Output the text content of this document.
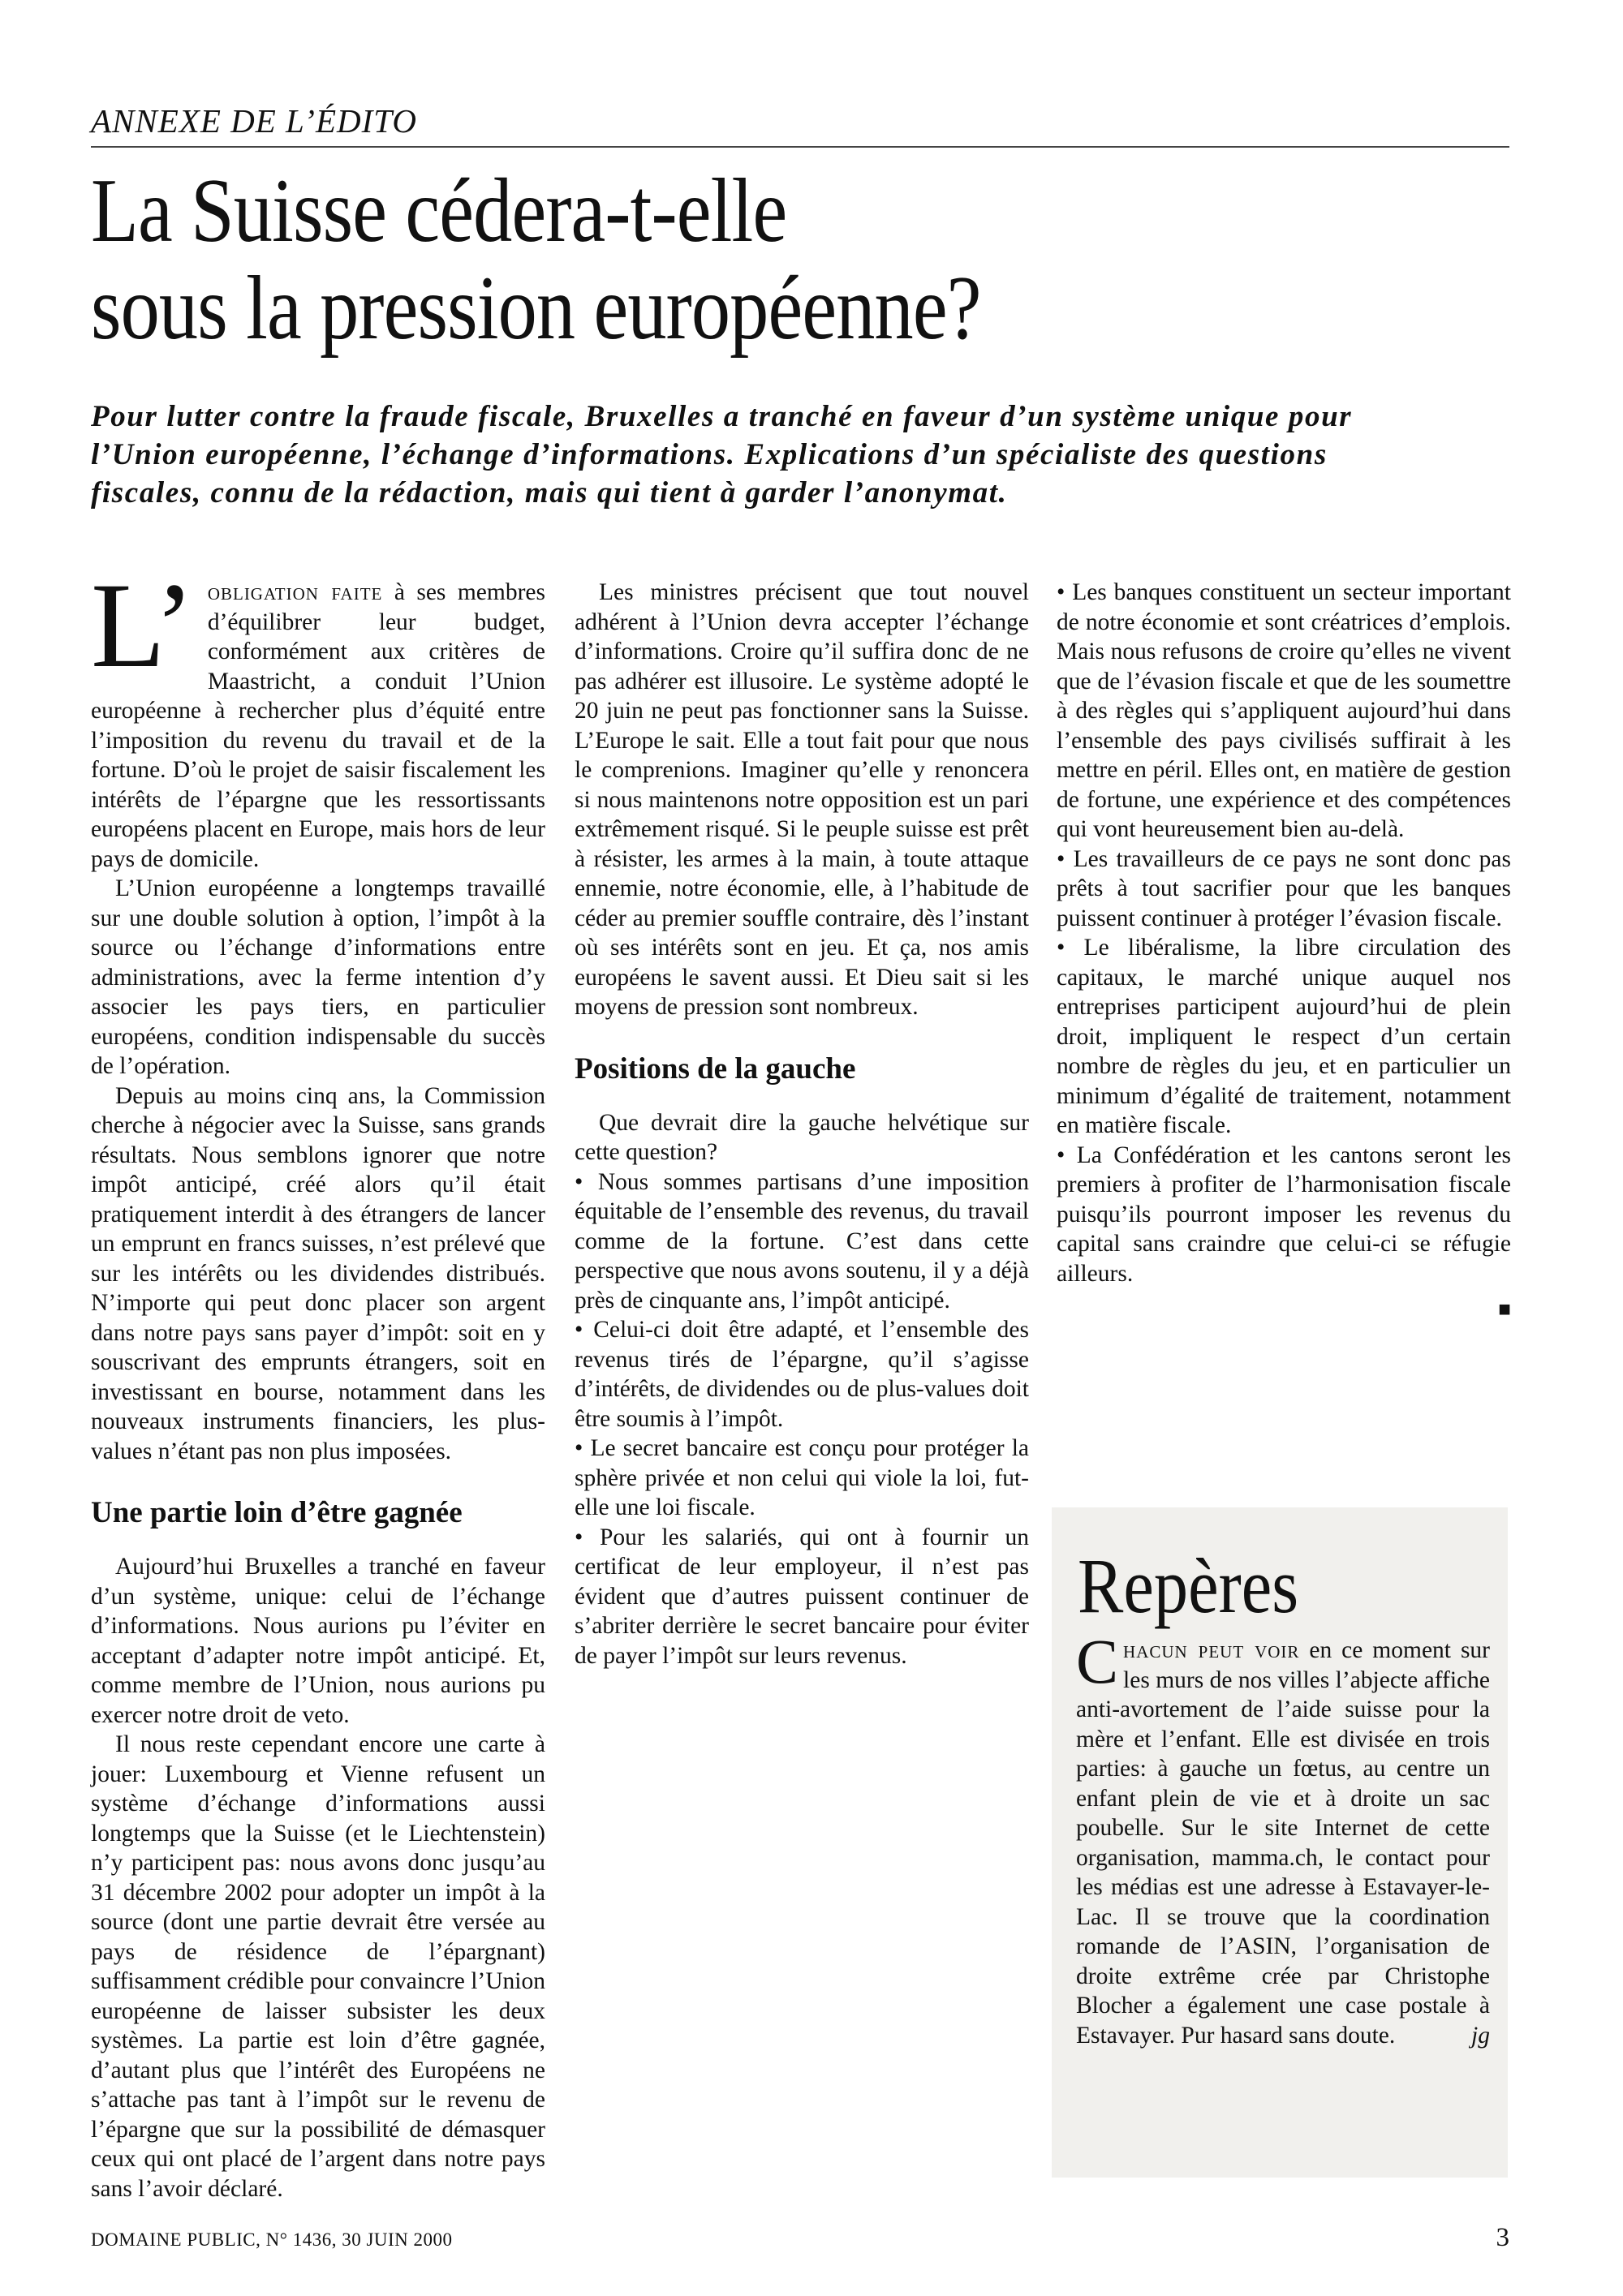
ANNEXE DE L’ÉDITO
La Suisse cédera-t-elle
sous la pression européenne?
Pour lutter contre la fraude fiscale, Bruxelles a tranché en faveur d’un système unique pour l’Union européenne, l’échange d’informations. Explications d’un spécialiste des questions fiscales, connu de la rédaction, mais qui tient à garder l’anonymat.

L’ obligation faite à ses membres d’équilibrer leur budget, conformément aux critères de Maastricht, a conduit l’Union européenne à rechercher plus d’équité entre l’imposition du revenu du travail et de la fortune. D’où le projet de saisir fiscalement les intérêts de l’épargne que les ressortissants européens placent en Europe, mais hors de leur pays de domicile.

L’Union européenne a longtemps travaillé sur une double solution à option, l’impôt à la source ou l’échange d’informations entre administrations, avec la ferme intention d’y associer les pays tiers, en particulier européens, condition indispensable du succès de l’opération.

Depuis au moins cinq ans, la Commission cherche à négocier avec la Suisse, sans grands résultats. Nous semblons ignorer que notre impôt anticipé, créé alors qu’il était pratiquement interdit à des étrangers de lancer un emprunt en francs suisses, n’est prélevé que sur les intérêts ou les dividendes distribués. N’importe qui peut donc placer son argent dans notre pays sans payer d’impôt: soit en y souscrivant des emprunts étrangers, soit en investissant en bourse, notamment dans les nouveaux instruments financiers, les plus-values n’étant pas non plus imposées.

Une partie loin d’être gagnée

Aujourd’hui Bruxelles a tranché en faveur d’un système, unique: celui de l’échange d’informations. Nous aurions pu l’éviter en acceptant d’adapter notre impôt anticipé. Et, comme membre de l’Union, nous aurions pu exercer notre droit de veto.

Il nous reste cependant encore une carte à jouer: Luxembourg et Vienne refusent un système d’échange d’informations aussi longtemps que la Suisse (et le Liechtenstein) n’y participent pas: nous avons donc jusqu’au 31 décembre 2002 pour adopter un impôt à la source (dont une partie devrait être versée au pays de résidence de l’épargnant) suffisamment crédible pour convaincre l’Union européenne de laisser subsister les deux systèmes. La partie est loin d’être gagnée, d’autant plus que l’intérêt des Européens ne s’attache pas tant à l’impôt sur le revenu de l’épargne que sur la possibilité de démasquer ceux qui ont placé de l’argent dans notre pays sans l’avoir déclaré.

Les ministres précisent que tout nouvel adhérent à l’Union devra accepter l’échange d’informations. Croire qu’il suffira donc de ne pas adhérer est illusoire. Le système adopté le 20 juin ne peut pas fonctionner sans la Suisse. L’Europe le sait. Elle a tout fait pour que nous le comprenions. Imaginer qu’elle y renoncera si nous maintenons notre opposition est un pari extrêmement risqué. Si le peuple suisse est prêt à résister, les armes à la main, à toute attaque ennemie, notre économie, elle, à l’habitude de céder au premier souffle contraire, dès l’instant où ses intérêts sont en jeu. Et ça, nos amis européens le savent aussi. Et Dieu sait si les moyens de pression sont nombreux.

Positions de la gauche

Que devrait dire la gauche helvétique sur cette question?

• Nous sommes partisans d’une imposition équitable de l’ensemble des revenus, du travail comme de la fortune. C’est dans cette perspective que nous avons soutenu, il y a déjà près de cinquante ans, l’impôt anticipé.

• Celui-ci doit être adapté, et l’ensemble des revenus tirés de l’épargne, qu’il s’agisse d’intérêts, de dividendes ou de plus-values doit être soumis à l’impôt.

• Le secret bancaire est conçu pour protéger la sphère privée et non celui qui viole la loi, fut-elle une loi fiscale.

• Pour les salariés, qui ont à fournir un certificat de leur employeur, il n’est pas évident que d’autres puissent continuer de s’abriter derrière le secret bancaire pour éviter de payer l’impôt sur leurs revenus.

• Les banques constituent un secteur important de notre économie et sont créatrices d’emplois. Mais nous refusons de croire qu’elles ne vivent que de l’évasion fiscale et que de les soumettre à des règles qui s’appliquent aujourd’hui dans l’ensemble des pays civilisés suffirait à les mettre en péril. Elles ont, en matière de gestion de fortune, une expérience et des compétences qui vont heureusement bien au-delà.

• Les travailleurs de ce pays ne sont donc pas prêts à tout sacrifier pour que les banques puissent continuer à protéger l’évasion fiscale.

• Le libéralisme, la libre circulation des capitaux, le marché unique auquel nos entreprises participent aujourd’hui de plein droit, impliquent le respect d’un certain nombre de règles du jeu, et en particulier un minimum d’égalité de traitement, notamment en matière fiscale.

• La Confédération et les cantons seront les premiers à profiter de l’harmonisation fiscale puisqu’ils pourront imposer les revenus du capital sans craindre que celui-ci se réfugie ailleurs.

■
Repères
Chacun peut voir en ce moment sur les murs de nos villes l’abjecte affiche anti-avortement de l’aide suisse pour la mère et l’enfant. Elle est divisée en trois parties: à gauche un fœtus, au centre un enfant plein de vie et à droite un sac poubelle. Sur le site Internet de cette organisation, mamma.ch, le contact pour les médias est une adresse à Estavayer-le-Lac. Il se trouve que la coordination romande de l’ASIN, l’organisation de droite extrême crée par Christophe Blocher a également une case postale à Estavayer. Pur hasard sans doute.	jg
DOMAINE PUBLIC, N° 1436, 30 JUIN 2000	3
